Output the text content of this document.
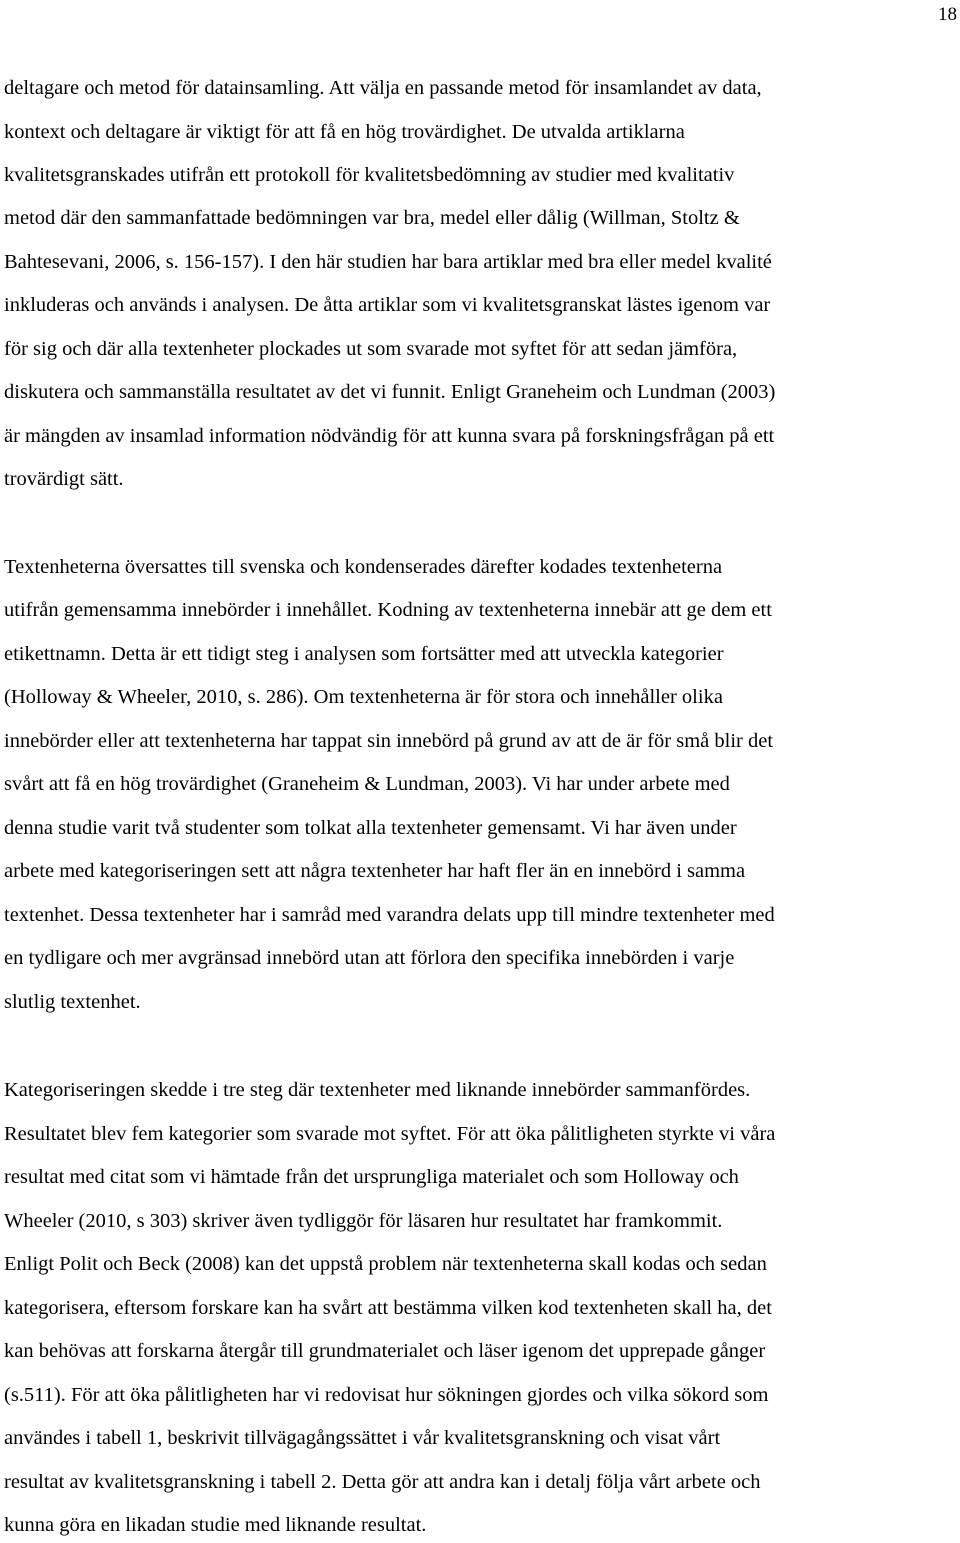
18
deltagare och metod för datainsamling. Att välja en passande metod för insamlandet av data,
kontext och deltagare är viktigt för att få en hög trovärdighet. De utvalda artiklarna
kvalitetsgranskades utifrån ett protokoll för kvalitetsbedömning av studier med kvalitativ
metod där den sammanfattade bedömningen var bra, medel eller dålig (Willman, Stoltz &
Bahtesevani, 2006, s. 156-157). I den här studien har bara artiklar med bra eller medel kvalité
inkluderas och används i analysen. De åtta artiklar som vi kvalitetsgranskat lästes igenom var
för sig och där alla textenheter plockades ut som svarade mot syftet för att sedan jämföra,
diskutera och sammanställa resultatet av det vi funnit. Enligt Graneheim och Lundman (2003)
är mängden av insamlad information nödvändig för att kunna svara på forskningsfrågan på ett
trovärdigt sätt.
Textenheterna översattes till svenska och kondenserades därefter kodades textenheterna
utifrån gemensamma innebörder i innehållet. Kodning av textenheterna innebär att ge dem ett
etikettnamn. Detta är ett tidigt steg i analysen som fortsätter med att utveckla kategorier
(Holloway & Wheeler, 2010, s. 286). Om textenheterna är för stora och innehåller olika
innebörder eller att textenheterna har tappat sin innebörd på grund av att de är för små blir det
svårt att få en hög trovärdighet (Graneheim & Lundman, 2003). Vi har under arbete med
denna studie varit två studenter som tolkat alla textenheter gemensamt. Vi har även under
arbete med kategoriseringen sett att några textenheter har haft fler än en innebörd i samma
textenhet. Dessa textenheter har i samråd med varandra delats upp till mindre textenheter med
en tydligare och mer avgränsad innebörd utan att förlora den specifika innebörden i varje
slutlig textenhet.
Kategoriseringen skedde i tre steg där textenheter med liknande innebörder sammanfördes.
Resultatet blev fem kategorier som svarade mot syftet. För att öka pålitligheten styrkte vi våra
resultat med citat som vi hämtade från det ursprungliga materialet och som Holloway och
Wheeler (2010, s 303) skriver även tydliggör för läsaren hur resultatet har framkommit.
Enligt Polit och Beck (2008) kan det uppstå problem när textenheterna skall kodas och sedan
kategorisera, eftersom forskare kan ha svårt att bestämma vilken kod textenheten skall ha, det
kan behövas att forskarna återgår till grundmaterialet och läser igenom det upprepade gånger
(s.511). För att öka pålitligheten har vi redovisat hur sökningen gjordes och vilka sökord som
användes i tabell 1, beskrivit tillvägagångssättet i vår kvalitetsgranskning och visat vårt
resultat av kvalitetsgranskning i tabell 2. Detta gör att andra kan i detalj följa vårt arbete och
kunna göra en likadan studie med liknande resultat.
